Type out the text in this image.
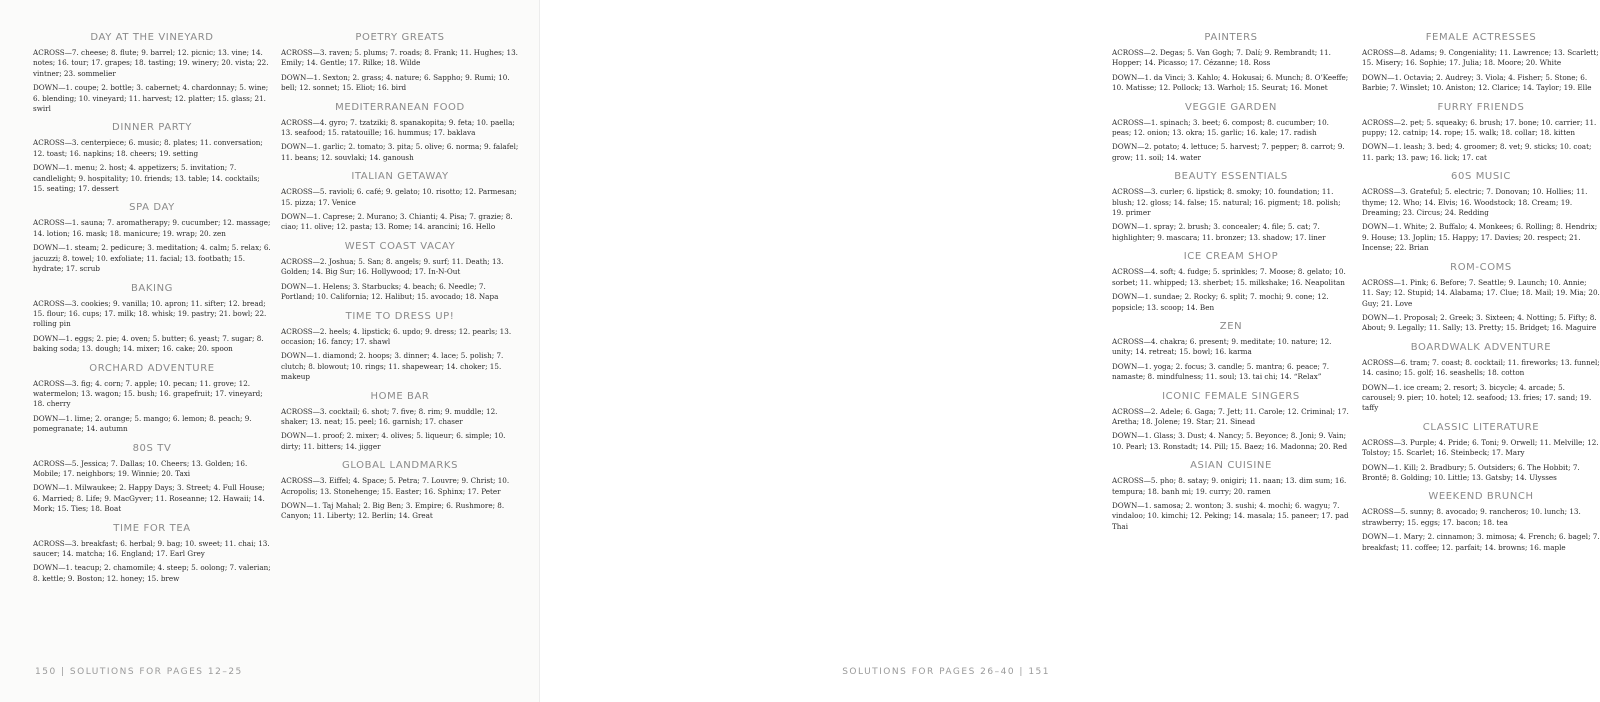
DAY AT THE VINEYARD

ACROSS—7. cheese; 8. flute; 9. barrel; 12. picnic; 13. vine; 14. notes; 16. tour; 17. grapes; 18. tasting; 19. winery; 20. vista; 22. vintner; 23. sommelier

DOWN—1. coupe; 2. bottle; 3. cabernet; 4. chardonnay; 5. wine; 6. blending; 10. vineyard; 11. harvest; 12. platter; 15. glass; 21. swirl

DINNER PARTY

ACROSS—3. centerpiece; 6. music; 8. plates; 11. conversation; 12. toast; 16. napkins; 18. cheers; 19. setting

DOWN—1. menu; 2. host; 4. appetizers; 5. invitation; 7. candlelight; 9. hospitality; 10. friends; 13. table; 14. cocktails; 15. seating; 17. dessert

SPA DAY

ACROSS—1. sauna; 7. aromatherapy; 9. cucumber; 12. massage; 14. lotion; 16. mask; 18. manicure; 19. wrap; 20. zen

DOWN—1. steam; 2. pedicure; 3. meditation; 4. calm; 5. relax; 6. jacuzzi; 8. towel; 10. exfoliate; 11. facial; 13. footbath; 15. hydrate; 17. scrub

BAKING

ACROSS—3. cookies; 9. vanilla; 10. apron; 11. sifter; 12. bread; 15. flour; 16. cups; 17. milk; 18. whisk; 19. pastry; 21. bowl; 22. rolling pin

DOWN—1. eggs; 2. pie; 4. oven; 5. butter; 6. yeast; 7. sugar; 8. baking soda; 13. dough; 14. mixer; 16. cake; 20. spoon

ORCHARD ADVENTURE

ACROSS—3. fig; 4. corn; 7. apple; 10. pecan; 11. grove; 12. watermelon; 13. wagon; 15. bush; 16. grapefruit; 17. vineyard; 18. cherry

DOWN—1. lime; 2. orange; 5. mango; 6. lemon; 8. peach; 9. pomegranate; 14. autumn

80S TV

ACROSS—5. Jessica; 7. Dallas; 10. Cheers; 13. Golden; 16. Mobile; 17. neighbors; 19. Winnie; 20. Taxi

DOWN—1. Milwaukee; 2. Happy Days; 3. Street; 4. Full House; 6. Married; 8. Life; 9. MacGyver; 11. Roseanne; 12. Hawaii; 14. Mork; 15. Ties; 18. Boat

TIME FOR TEA

ACROSS—3. breakfast; 6. herbal; 9. bag; 10. sweet; 11. chai; 13. saucer; 14. matcha; 16. England; 17. Earl Grey

DOWN—1. teacup; 2. chamomile; 4. steep; 5. oolong; 7. valerian; 8. kettle; 9. Boston; 12. honey; 15. brew

POETRY GREATS

ACROSS—3. raven; 5. plums; 7. roads; 8. Frank; 11. Hughes; 13. Emily; 14. Gentle; 17. Rilke; 18. Wilde

DOWN—1. Sexton; 2. grass; 4. nature; 6. Sappho; 9. Rumi; 10. bell; 12. sonnet; 15. Eliot; 16. bird

MEDITERRANEAN FOOD

ACROSS—4. gyro; 7. tzatziki; 8. spanakopita; 9. feta; 10. paella; 13. seafood; 15. ratatouille; 16. hummus; 17. baklava

DOWN—1. garlic; 2. tomato; 3. pita; 5. olive; 6. norma; 9. falafel; 11. beans; 12. souvlaki; 14. ganoush

ITALIAN GETAWAY

ACROSS—5. ravioli; 6. café; 9. gelato; 10. risotto; 12. Parmesan; 15. pizza; 17. Venice

DOWN—1. Caprese; 2. Murano; 3. Chianti; 4. Pisa; 7. grazie; 8. ciao; 11. olive; 12. pasta; 13. Rome; 14. arancini; 16. Hello

WEST COAST VACAY

ACROSS—2. Joshua; 5. San; 8. angels; 9. surf; 11. Death; 13. Golden; 14. Big Sur; 16. Hollywood; 17. In-N-Out

DOWN—1. Helens; 3. Starbucks; 4. beach; 6. Needle; 7. Portland; 10. California; 12. Halibut; 15. avocado; 18. Napa

TIME TO DRESS UP!

ACROSS—2. heels; 4. lipstick; 6. updo; 9. dress; 12. pearls; 13. occasion; 16. fancy; 17. shawl

DOWN—1. diamond; 2. hoops; 3. dinner; 4. lace; 5. polish; 7. clutch; 8. blowout; 10. rings; 11. shapewear; 14. choker; 15. makeup

HOME BAR

ACROSS—3. cocktail; 6. shot; 7. five; 8. rim; 9. muddle; 12. shaker; 13. neat; 15. peel; 16. garnish; 17. chaser

DOWN—1. proof; 2. mixer; 4. olives; 5. liqueur; 6. simple; 10. dirty; 11. bitters; 14. jigger

GLOBAL LANDMARKS

ACROSS—3. Eiffel; 4. Space; 5. Petra; 7. Louvre; 9. Christ; 10. Acropolis; 13. Stonehenge; 15. Easter; 16. Sphinx; 17. Peter

DOWN—1. Taj Mahal; 2. Big Ben; 3. Empire; 6. Rushmore; 8. Canyon; 11. Liberty; 12. Berlin; 14. Great

150 | SOLUTIONS FOR PAGES 12–25
PAINTERS

ACROSS—2. Degas; 5. Van Gogh; 7. Dalí; 9. Rembrandt; 11. Hopper; 14. Picasso; 17. Cézanne; 18. Ross

DOWN—1. da Vinci; 3. Kahlo; 4. Hokusai; 6. Munch; 8. O’Keeffe; 10. Matisse; 12. Pollock; 13. Warhol; 15. Seurat; 16. Monet

VEGGIE GARDEN

ACROSS—1. spinach; 3. beet; 6. compost; 8. cucumber; 10. peas; 12. onion; 13. okra; 15. garlic; 16. kale; 17. radish

DOWN—2. potato; 4. lettuce; 5. harvest; 7. pepper; 8. carrot; 9. grow; 11. soil; 14. water

BEAUTY ESSENTIALS

ACROSS—3. curler; 6. lipstick; 8. smoky; 10. foundation; 11. blush; 12. gloss; 14. false; 15. natural; 16. pigment; 18. polish; 19. primer

DOWN—1. spray; 2. brush; 3. concealer; 4. file; 5. cat; 7. highlighter; 9. mascara; 11. bronzer; 13. shadow; 17. liner

ICE CREAM SHOP

ACROSS—4. soft; 4. fudge; 5. sprinkles; 7. Moose; 8. gelato; 10. sorbet; 11. whipped; 13. sherbet; 15. milkshake; 16. Neapolitan

DOWN—1. sundae; 2. Rocky; 6. split; 7. mochi; 9. cone; 12. popsicle; 13. scoop; 14. Ben

ZEN

ACROSS—4. chakra; 6. present; 9. meditate; 10. nature; 12. unity; 14. retreat; 15. bowl; 16. karma

DOWN—1. yoga; 2. focus; 3. candle; 5. mantra; 6. peace; 7. namaste; 8. mindfulness; 11. soul; 13. tai chi; 14. “Relax”

ICONIC FEMALE SINGERS

ACROSS—2. Adele; 6. Gaga; 7. Jett; 11. Carole; 12. Criminal; 17. Aretha; 18. Jolene; 19. Star; 21. Sinead

DOWN—1. Glass; 3. Dust; 4. Nancy; 5. Beyonce; 8. Joni; 9. Vain; 10. Pearl; 13. Ronstadt; 14. Pill; 15. Baez; 16. Madonna; 20. Red

ASIAN CUISINE

ACROSS—5. pho; 8. satay; 9. onigiri; 11. naan; 13. dim sum; 16. tempura; 18. banh mi; 19. curry; 20. ramen

DOWN—1. samosa; 2. wonton; 3. sushi; 4. mochi; 6. wagyu; 7. vindaloo; 10. kimchi; 12. Peking; 14. masala; 15. paneer; 17. pad Thai

FEMALE ACTRESSES

ACROSS—8. Adams; 9. Congeniality; 11. Lawrence; 13. Scarlett; 15. Misery; 16. Sophie; 17. Julia; 18. Moore; 20. White

DOWN—1. Octavia; 2. Audrey; 3. Viola; 4. Fisher; 5. Stone; 6. Barbie; 7. Winslet; 10. Aniston; 12. Clarice; 14. Taylor; 19. Elle

FURRY FRIENDS

ACROSS—2. pet; 5. squeaky; 6. brush; 17. bone; 10. carrier; 11. puppy; 12. catnip; 14. rope; 15. walk; 18. collar; 18. kitten

DOWN—1. leash; 3. bed; 4. groomer; 8. vet; 9. sticks; 10. coat; 11. park; 13. paw; 16. lick; 17. cat

60S MUSIC

ACROSS—3. Grateful; 5. electric; 7. Donovan; 10. Hollies; 11. thyme; 12. Who; 14. Elvis; 16. Woodstock; 18. Cream; 19. Dreaming; 23. Circus; 24. Redding

DOWN—1. White; 2. Buffalo; 4. Monkees; 6. Rolling; 8. Hendrix; 9. House; 13. Joplin; 15. Happy; 17. Davies; 20. respect; 21. Incense; 22. Brian

ROM-COMS

ACROSS—1. Pink; 6. Before; 7. Seattle; 9. Launch; 10. Annie; 11. Say; 12. Stupid; 14. Alabama; 17. Clue; 18. Mail; 19. Mia; 20. Guy; 21. Love

DOWN—1. Proposal; 2. Greek; 3. Sixteen; 4. Notting; 5. Fifty; 8. About; 9. Legally; 11. Sally; 13. Pretty; 15. Bridget; 16. Maguire

BOARDWALK ADVENTURE

ACROSS—6. tram; 7. coast; 8. cocktail; 11. fireworks; 13. funnel; 14. casino; 15. golf; 16. seashells; 18. cotton

DOWN—1. ice cream; 2. resort; 3. bicycle; 4. arcade; 5. carousel; 9. pier; 10. hotel; 12. seafood; 13. fries; 17. sand; 19. taffy

CLASSIC LITERATURE

ACROSS—3. Purple; 4. Pride; 6. Toni; 9. Orwell; 11. Melville; 12. Tolstoy; 15. Scarlet; 16. Steinbeck; 17. Mary

DOWN—1. Kill; 2. Bradbury; 5. Outsiders; 6. The Hobbit; 7. Brontë; 8. Golding; 10. Little; 13. Gatsby; 14. Ulysses

WEEKEND BRUNCH

ACROSS—5. sunny; 8. avocado; 9. rancheros; 10. lunch; 13. strawberry; 15. eggs; 17. bacon; 18. tea

DOWN—1. Mary; 2. cinnamon; 3. mimosa; 4. French; 6. bagel; 7. breakfast; 11. coffee; 12. parfait; 14. browns; 16. maple

SOLUTIONS FOR PAGES 26–40 | 151
